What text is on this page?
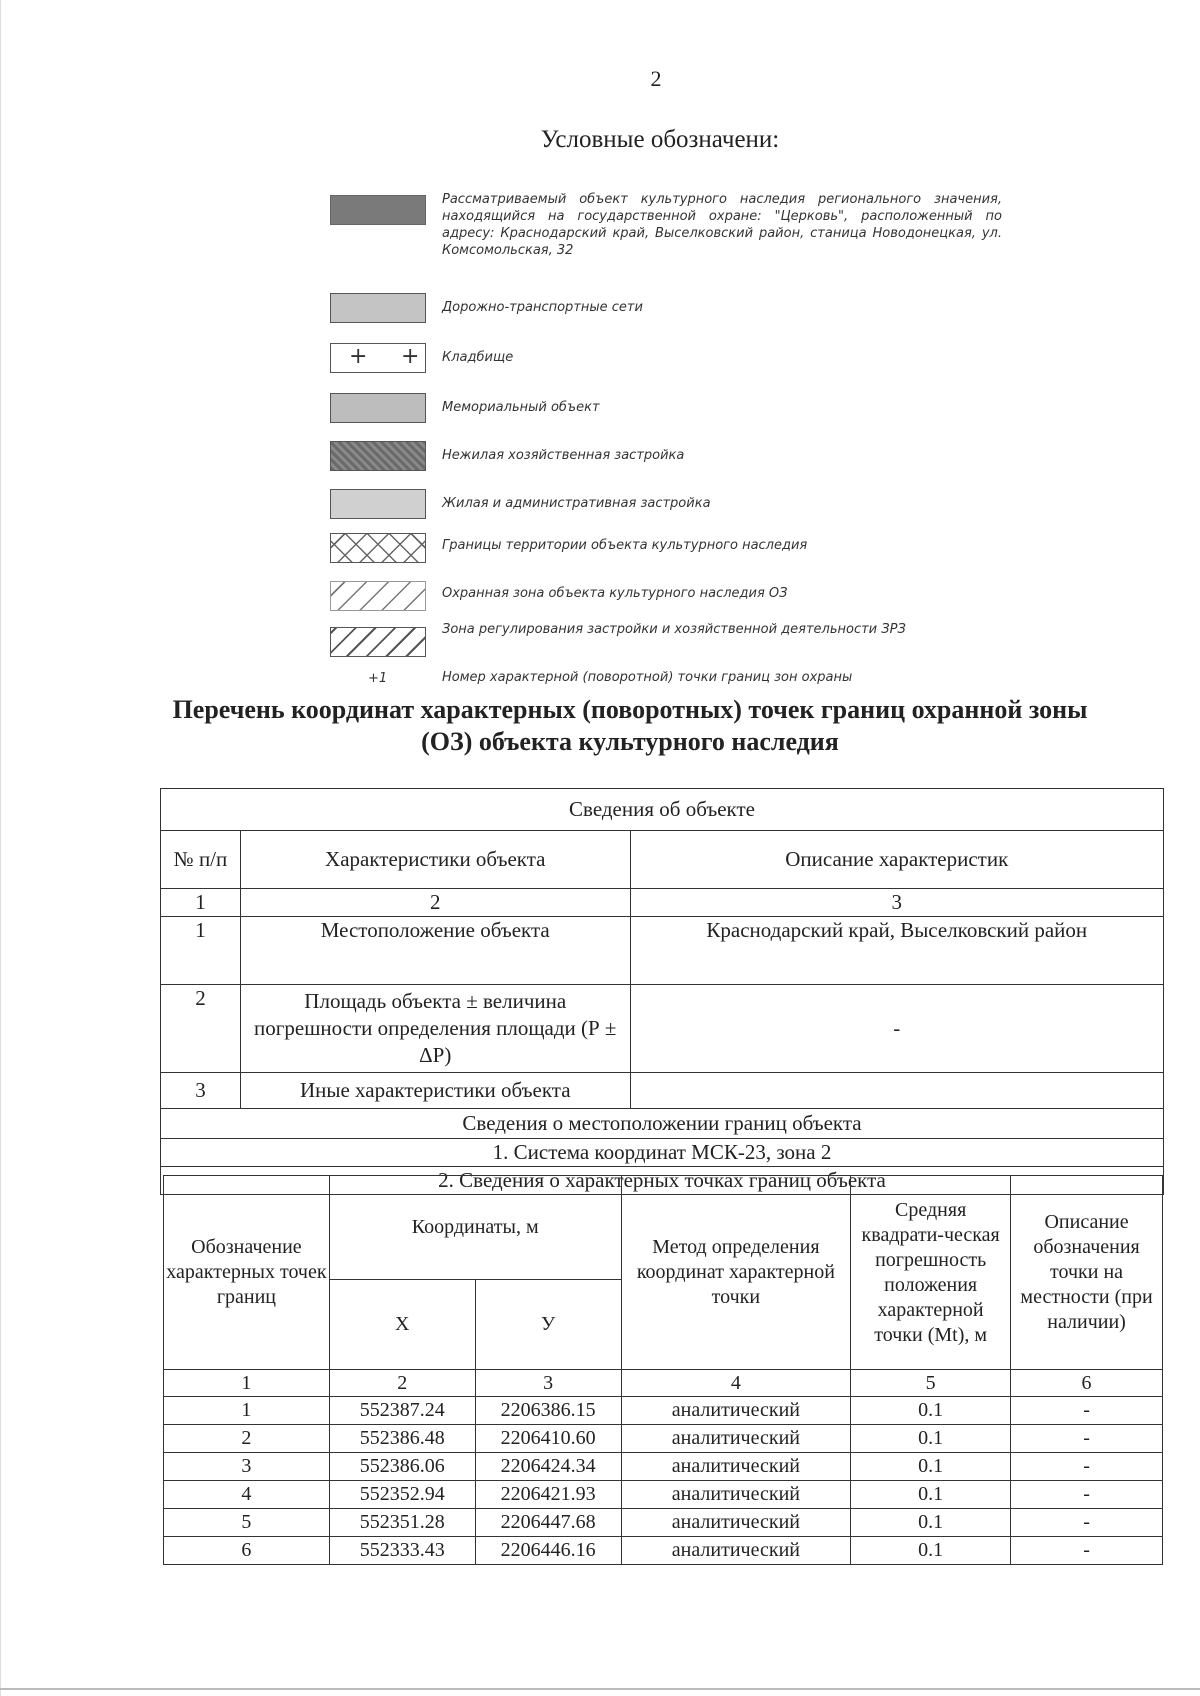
2
Условные обозначени:
Рассматриваемый объект культурного наследия регионального значения, находящийся на государственной охране: "Церковь", расположенный по адресу: Краснодарский край, Выселковский район, станица Новодонецкая, ул. Комсомольская, 32
Дорожно-транспортные сети
+ + Кладбище
Мемориальный объект
Нежилая хозяйственная застройка
Жилая и административная застройка
Границы территории объекта культурного наследия
Охранная зона объекта культурного наследия ОЗ
Зона регулирования застройки и хозяйственной деятельности ЗРЗ
+1	Номер характерной (поворотной) точки границ зон охраны
Перечень координат характерных (поворотных) точек границ охранной зоны (ОЗ) объекта культурного наследия
Сведения об объекте		
№ п/п	Характеристики объекта	Описание характеристик
1	2	3
1	Местоположение объекта	Краснодарский край, Выселковский район
2	Площадь объекта ± величина погрешности определения площади (Р ± ΔР)	-
3	Иные характеристики объекта	
Сведения о местоположении границ объекта		
1. Система координат МСК-23, зона 2		
2. Сведения о характерных точках границ объекта		
Обозначение характерных точек границ	Координаты, м		Метод определения координат характерной точки	Средняя квадрати-ческая погрешность положения характерной точки (Mt), м	Описание обозначения точки на местности (при наличии)
	X	У			
1	2	3	4	5	6
1	552387.24	2206386.15	аналитический	0.1	-
2	552386.48	2206410.60	аналитический	0.1	-
3	552386.06	2206424.34	аналитический	0.1	-
4	552352.94	2206421.93	аналитический	0.1	-
5	552351.28	2206447.68	аналитический	0.1	-
6	552333.43	2206446.16	аналитический	0.1	-
